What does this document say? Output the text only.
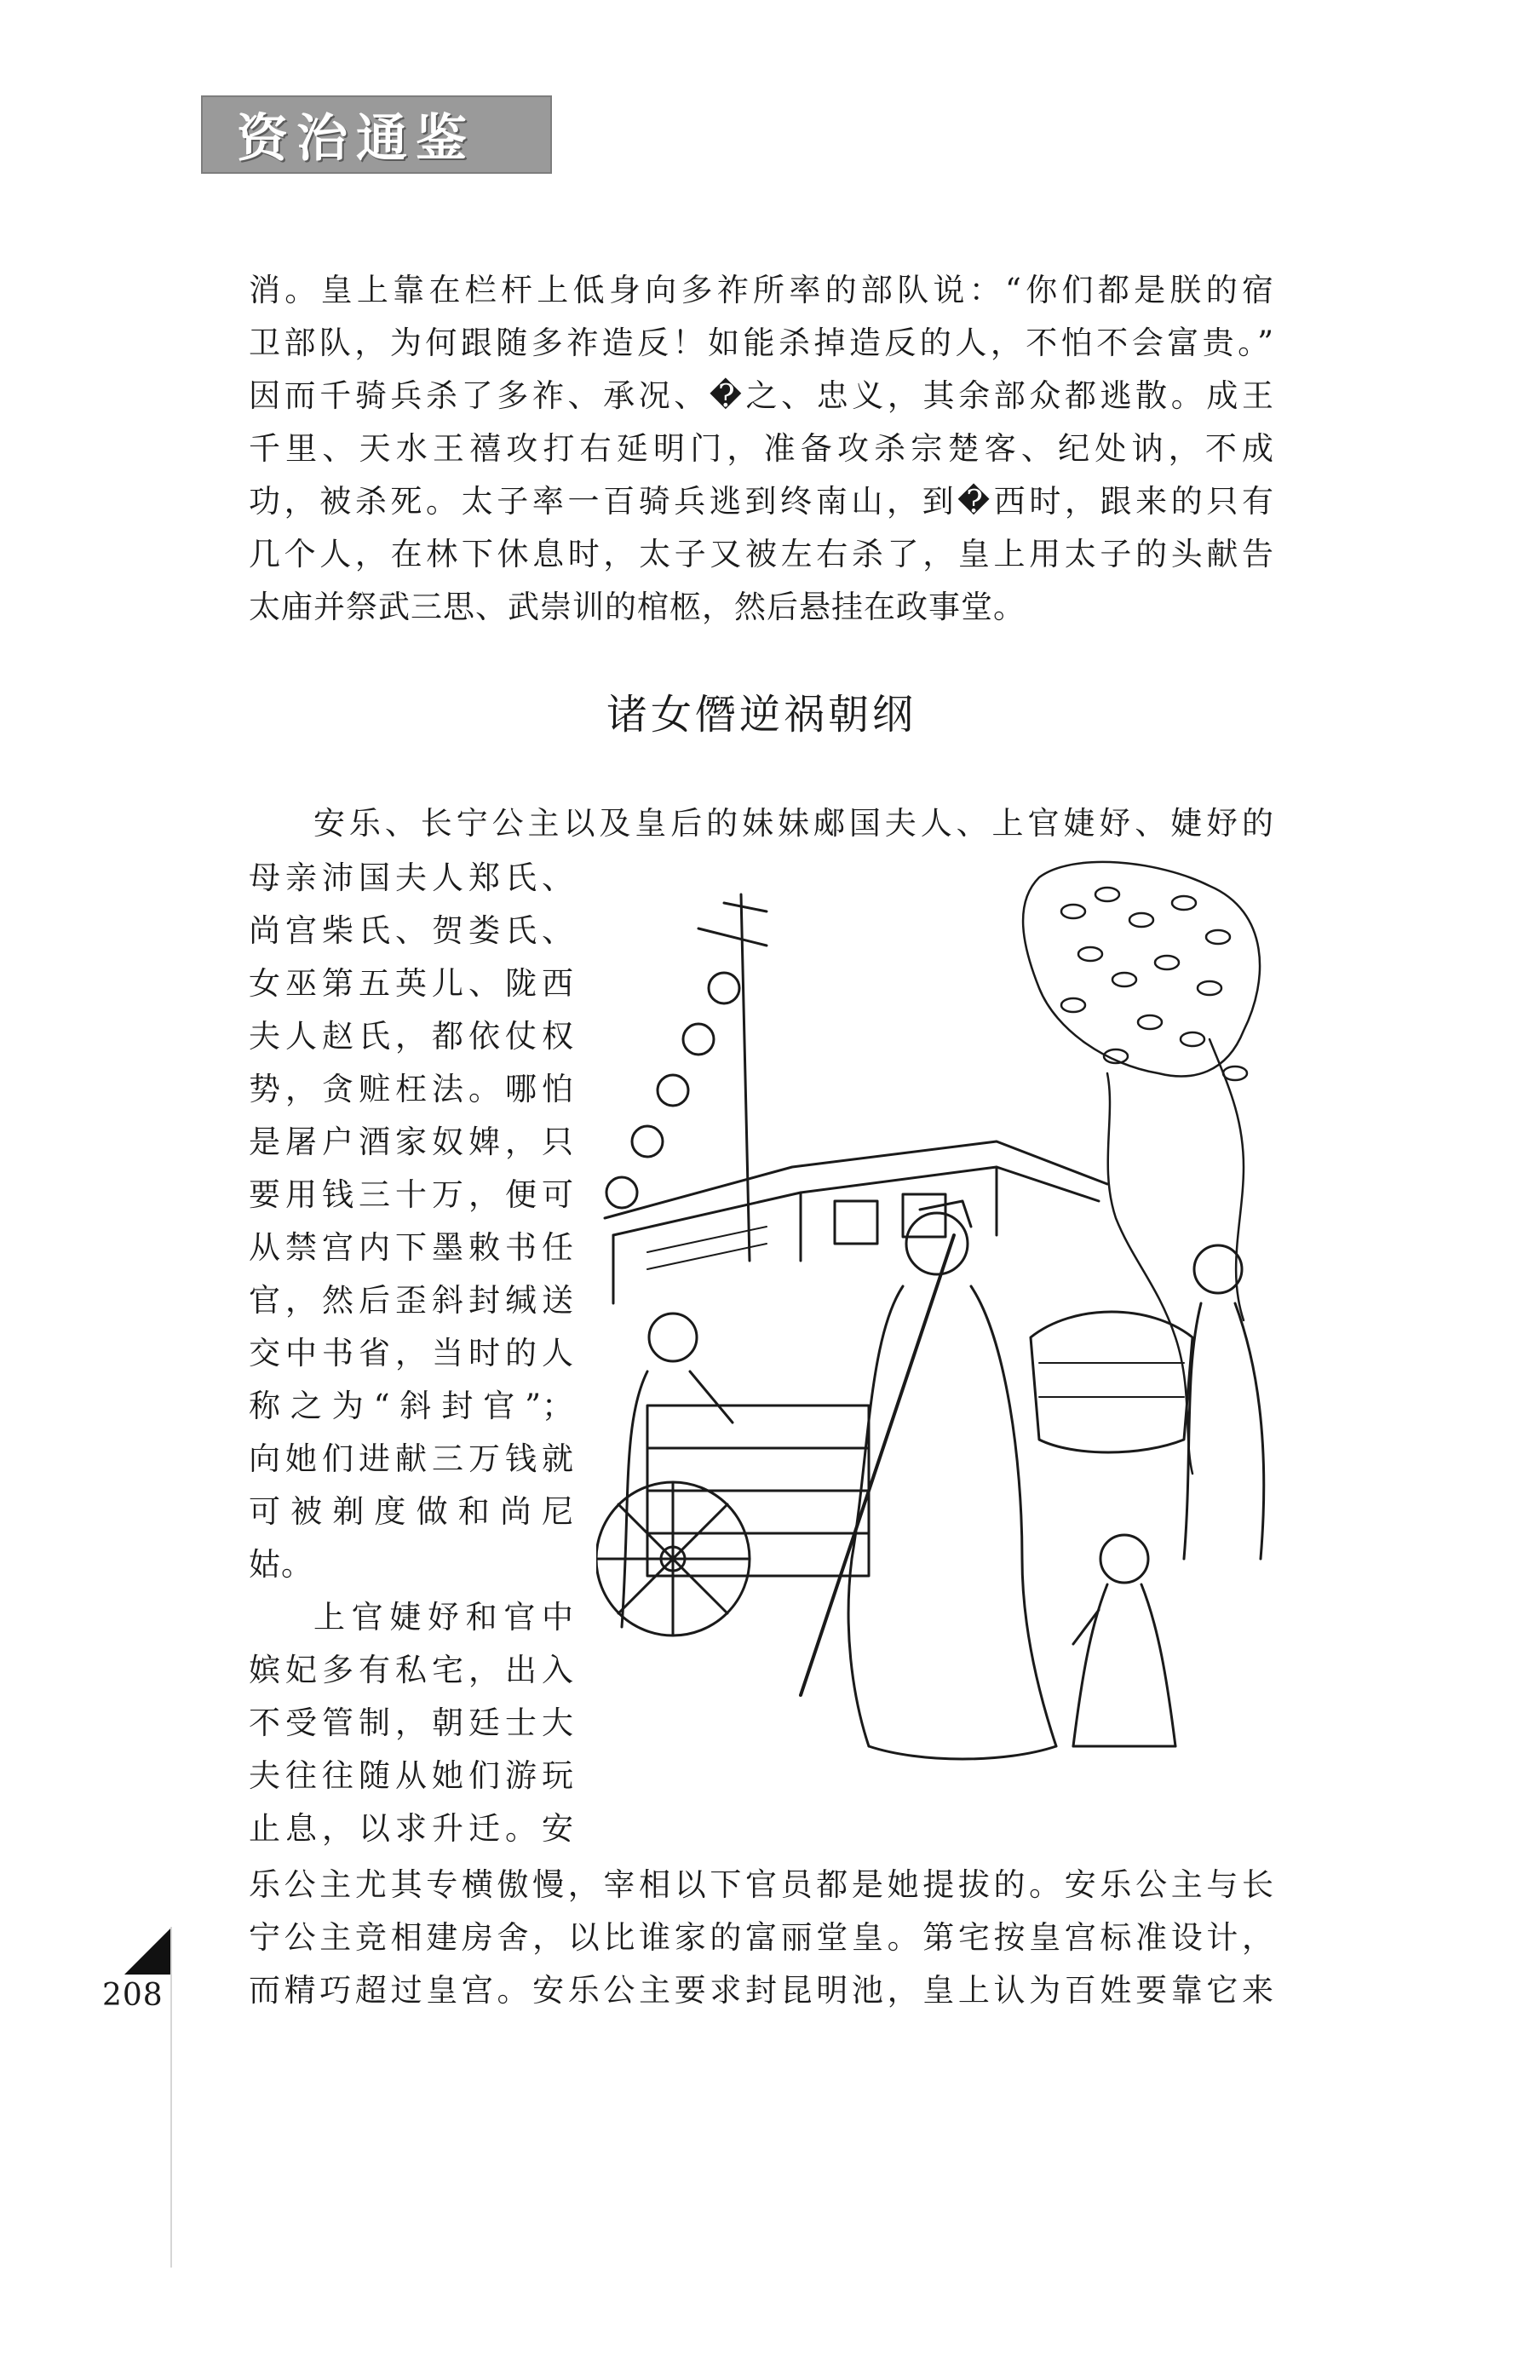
资治通鉴
消。皇上靠在栏杆上低身向多祚所率的部队说：“你们都是朕的宿
卫部队，为何跟随多祚造反！如能杀掉造反的人，不怕不会富贵。”
因而千骑兵杀了多祚、承况、�之、忠义，其余部众都逃散。成王
千里、天水王禧攻打右延明门，准备攻杀宗楚客、纪处讷，不成
功，被杀死。太子率一百骑兵逃到终南山，到�西时，跟来的只有
几个人，在林下休息时，太子又被左右杀了，皇上用太子的头献告
太庙并祭武三思、武崇训的棺柩，然后悬挂在政事堂。
诸女僭逆祸朝纲
安乐、长宁公主以及皇后的妹妹郕国夫人、上官婕妤、婕妤的
母亲沛国夫人郑氏、
尚宫柴氏、贺娄氏、
女巫第五英儿、陇西
夫人赵氏，都依仗权
势，贪赃枉法。哪怕
是屠户酒家奴婢，只
要用钱三十万，便可
从禁宫内下墨敕书任
官，然后歪斜封缄送
交中书省，当时的人
称之为“斜封官”；
向她们进献三万钱就
可被剃度做和尚尼
姑。
上官婕妤和官中
嫔妃多有私宅，出入
不受管制，朝廷士大
夫往往随从她们游玩
止息，以求升迁。安
乐公主尤其专横傲慢，宰相以下官员都是她提拔的。安乐公主与长
宁公主竞相建房舍，以比谁家的富丽堂皇。第宅按皇宫标准设计，
而精巧超过皇宫。安乐公主要求封昆明池，皇上认为百姓要靠它来
208
